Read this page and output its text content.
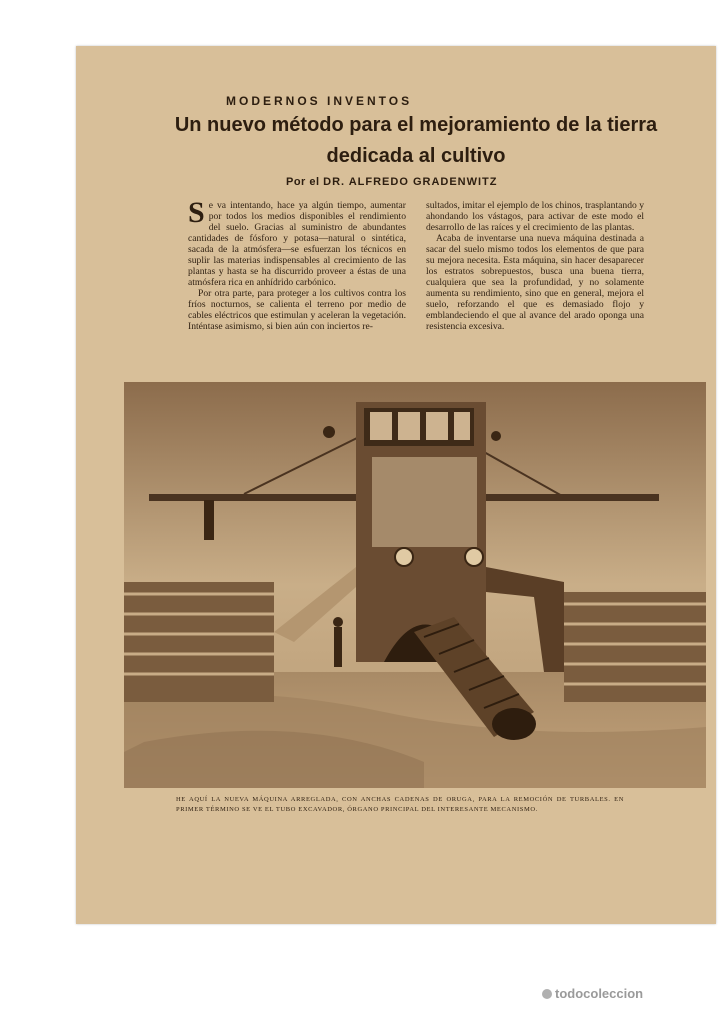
MODERNOS INVENTOS
Un nuevo método para el mejoramiento de la tierra dedicada al cultivo
Por el DR. ALFREDO GRADENWITZ

Se va intentando, hace ya algún tiempo, aumentar por todos los medios disponibles el rendimiento del suelo. Gracias al suministro de abundantes cantidades de fósforo y potasa—natural o sintética, sacada de la atmósfera—se esfuerzan los técnicos en suplir las materias indispensables al crecimiento de las plantas y hasta se ha discurrido proveer a éstas de una atmósfera rica en anhídrido carbónico.

Por otra parte, para proteger a los cultivos contra los fríos nocturnos, se calienta el terreno por medio de cables eléctricos que estimulan y aceleran la vegetación. Inténtase asimismo, si bien aún con inciertos re-

sultados, imitar el ejemplo de los chinos, trasplantando y ahondando los vástagos, para activar de este modo el desarrollo de las raíces y el crecimiento de las plantas.

Acaba de inventarse una nueva máquina destinada a sacar del suelo mismo todos los elementos de que para su mejora necesita. Esta máquina, sin hacer desaparecer los estratos sobrepuestos, busca una buena tierra, cualquiera que sea la profundidad, y no solamente aumenta su rendimiento, sino que en general, mejora el suelo, reforzando el que es demasiado flojo y emblandeciendo el que al avance del arado oponga una resistencia excesiva.

HE AQUÍ LA NUEVA MÁQUINA ARREGLADA, CON ANCHAS CADENAS DE ORUGA, PARA LA REMOCIÓN DE TURBALES. EN PRIMER TÉRMINO SE VE EL TUBO EXCAVADOR, ÓRGANO PRINCIPAL DEL INTERESANTE MECANISMO.
todocoleccion
